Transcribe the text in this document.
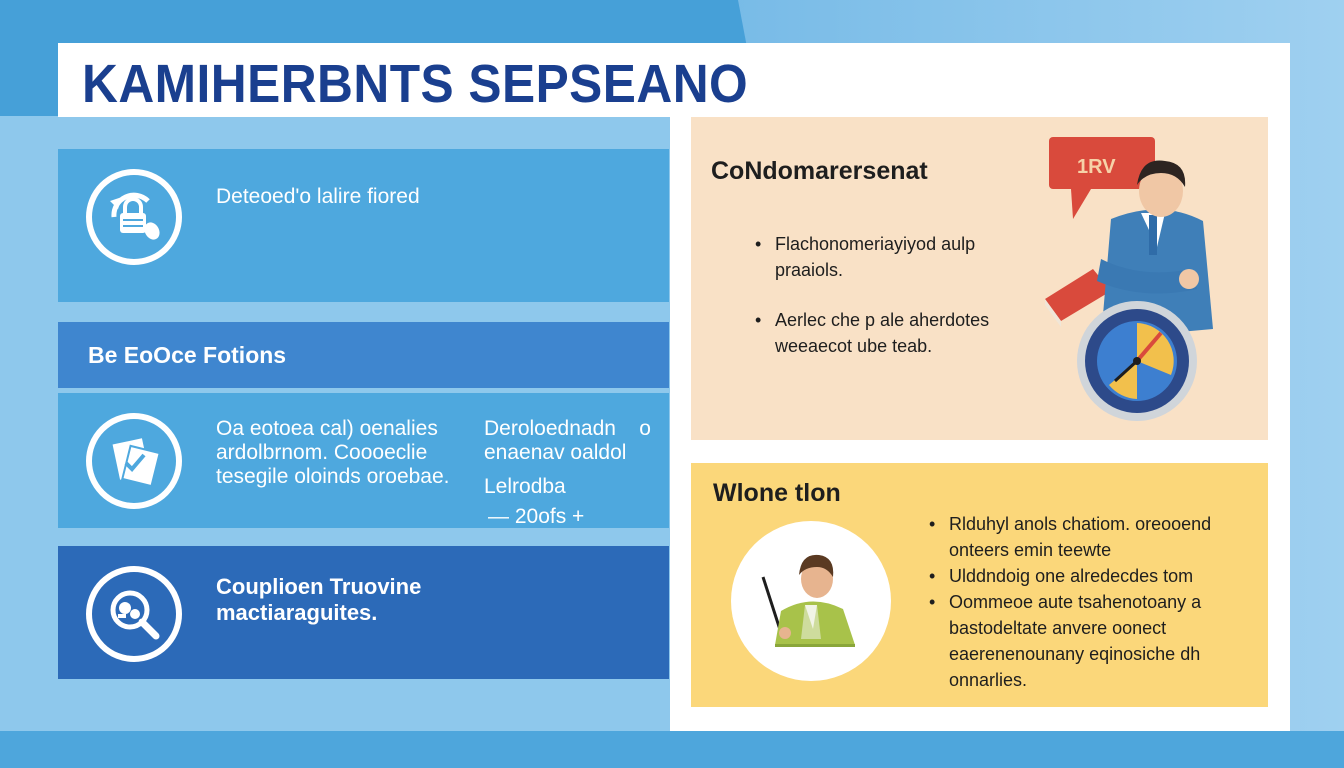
KAMIHERBNTS SEPSEANO
Deteoed'o lalire fiored
Be EoOce Fotions
Oa eotoea cal) oenalies ardolbrnom. Coooeclie tesegile oloinds oroebae.
Deroloednadn o
enaenav oaldol
Lelrodba
— 20ofs +
Couplioen Truovine
mactiaraguites.
CoNdomarersenat
• Flachonomeriayiyod aulp praaiols.
• Aerlec che p ale aherdotes weeaecot ube teab.
1RV
Wlone tlon
• Rlduhyl anols chatiom. oreooend onteers emin teewte
• Ulddndoig one alredecdes tom
• Oommeoe aute tsahenotoany a bastodeltate anvere oonect eaerenenounany eqinosiche dh onnarlies.
